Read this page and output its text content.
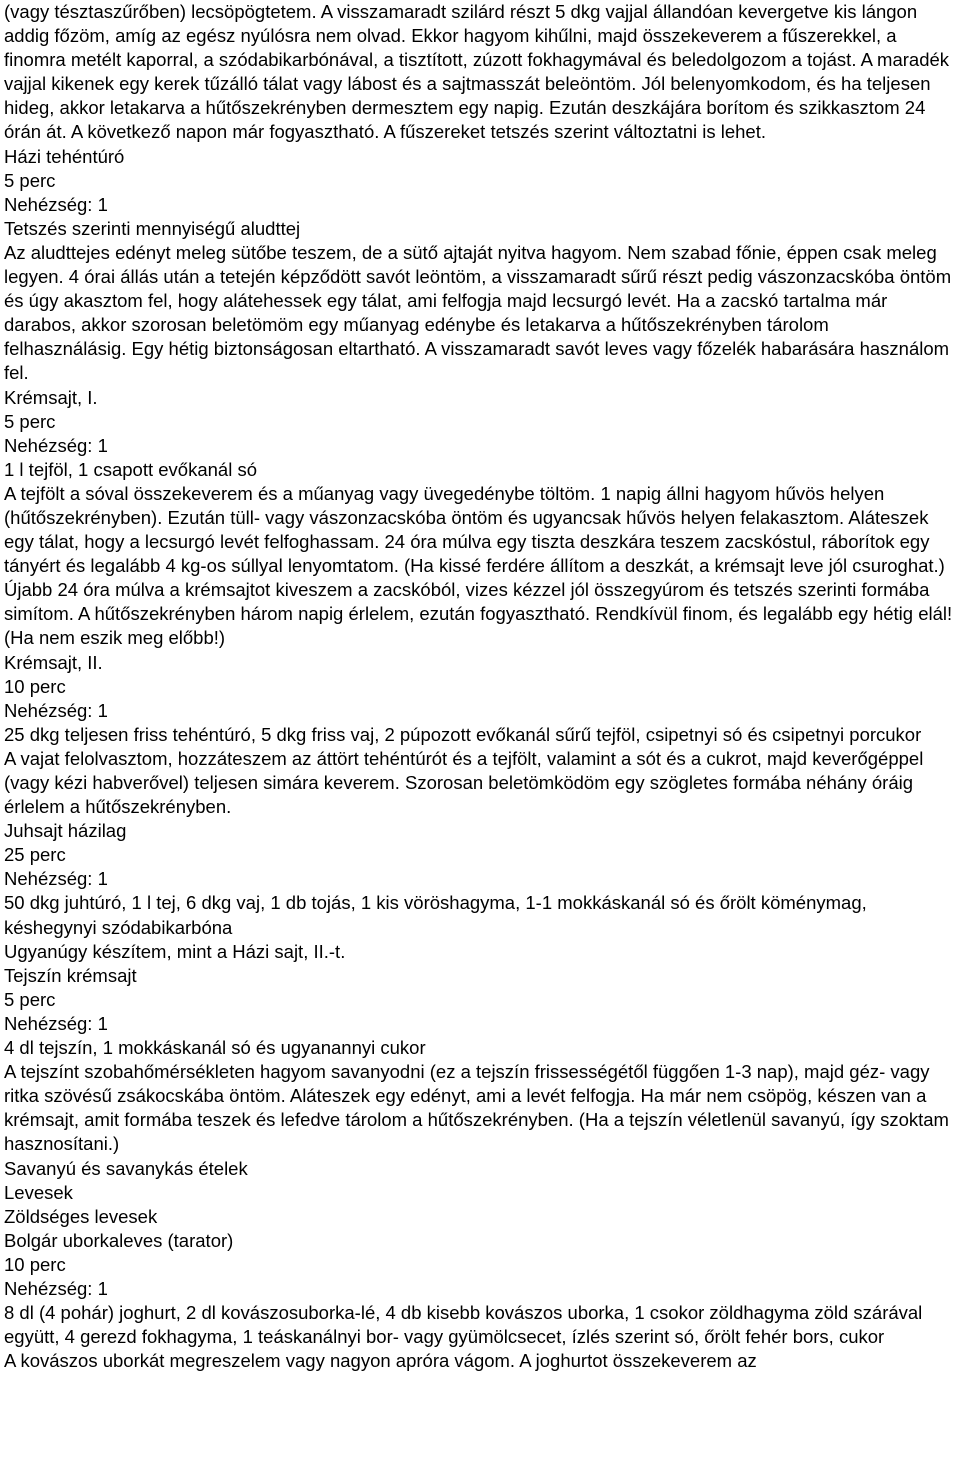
(vagy tésztaszűrőben) lecsöpögtetem. A visszamaradt szilárd részt 5 dkg vajjal állandóan kevergetve kis lángon addig főzöm, amíg az egész nyúlósra nem olvad. Ekkor hagyom kihűlni, majd összekeverem a fűszerekkel, a finomra metélt kaporral, a szódabikarbónával, a tisztított, zúzott fokhagymával és beledolgozom a tojást. A maradék vajjal kikenek egy kerek tűzálló tálat vagy lábost és a sajtmasszát beleöntöm. Jól belenyomkodom, és ha teljesen hideg, akkor letakarva a hűtőszekrényben dermesztem egy napig. Ezután deszkájára borítom és szikkasztom 24 órán át. A következő napon már fogyasztható. A fűszereket tetszés szerint változtatni is lehet.

Házi tehéntúró

5 perc

Nehézség: 1

Tetszés szerinti mennyiségű aludttej

Az aludttejes edényt meleg sütőbe teszem, de a sütő ajtaját nyitva hagyom. Nem szabad főnie, éppen csak meleg legyen. 4 órai állás után a tetején képződött savót leöntöm, a visszamaradt sűrű részt pedig vászonzacskóba öntöm és úgy akasztom fel, hogy alátehessek egy tálat, ami felfogja majd lecsurgó levét. Ha a zacskó tartalma már darabos, akkor szorosan beletömöm egy műanyag edénybe és letakarva a hűtőszekrényben tárolom felhasználásig. Egy hétig biztonságosan eltartható. A visszamaradt savót leves vagy főzelék habarására használom fel.

Krémsajt, I.

5 perc

Nehézség: 1

1 l tejföl, 1 csapott evőkanál só

A tejfölt a sóval összekeverem és a műanyag vagy üvegedénybe töltöm. 1 napig állni hagyom hűvös helyen (hűtőszekrényben). Ezután tüll- vagy vászonzacskóba öntöm és ugyancsak hűvös helyen felakasztom. Aláteszek egy tálat, hogy a lecsurgó levét felfoghassam. 24 óra múlva egy tiszta deszkára teszem zacskóstul, ráborítok egy tányért és legalább 4 kg-os súllyal lenyomtatom. (Ha kissé ferdére állítom a deszkát, a krémsajt leve jól csuroghat.) Újabb 24 óra múlva a krémsajtot kiveszem a zacskóból, vizes kézzel jól összegyúrom és tetszés szerinti formába simítom. A hűtőszekrényben három napig érlelem, ezután fogyasztható. Rendkívül finom, és legalább egy hétig elál! (Ha nem eszik meg előbb!)

Krémsajt, II.

10 perc

Nehézség: 1

25 dkg teljesen friss tehéntúró, 5 dkg friss vaj, 2 púpozott evőkanál sűrű tejföl, csipetnyi só és csipetnyi porcukor

A vajat felolvasztom, hozzáteszem az áttört tehéntúrót és a tejfölt, valamint a sót és a cukrot, majd keverőgéppel (vagy kézi habverővel) teljesen simára keverem. Szorosan beletömködöm egy szögletes formába néhány óráig érlelem a hűtőszekrényben.

Juhsajt házilag

25 perc

Nehézség: 1

50 dkg juhtúró, 1 l tej, 6 dkg vaj, 1 db tojás, 1 kis vöröshagyma, 1-1 mokkáskanál só és őrölt köménymag, késhegynyi szódabikarbóna

Ugyanúgy készítem, mint a Házi sajt, II.-t.

Tejszín krémsajt

5 perc

Nehézség: 1

4 dl tejszín, 1 mokkáskanál só és ugyanannyi cukor

A tejszínt szobahőmérsékleten hagyom savanyodni (ez a tejszín frissességétől függően 1-3 nap), majd géz- vagy ritka szövésű zsákocskába öntöm. Aláteszek egy edényt, ami a levét felfogja. Ha már nem csöpög, készen van a krémsajt, amit formába teszek és lefedve tárolom a hűtőszekrényben. (Ha a tejszín véletlenül savanyú, így szoktam hasznosítani.)

Savanyú és savanykás ételek

Levesek

Zöldséges levesek

Bolgár uborkaleves (tarator)

10 perc

Nehézség: 1

8 dl (4 pohár) joghurt, 2 dl kovászosuborka-lé, 4 db kisebb kovászos uborka, 1 csokor zöldhagyma zöld szárával együtt, 4 gerezd fokhagyma, 1 teáskanálnyi bor- vagy gyümölcsecet, ízlés szerint só, őrölt fehér bors, cukor

A kovászos uborkát megreszelem vagy nagyon apróra vágom. A joghurtot összekeverem az
